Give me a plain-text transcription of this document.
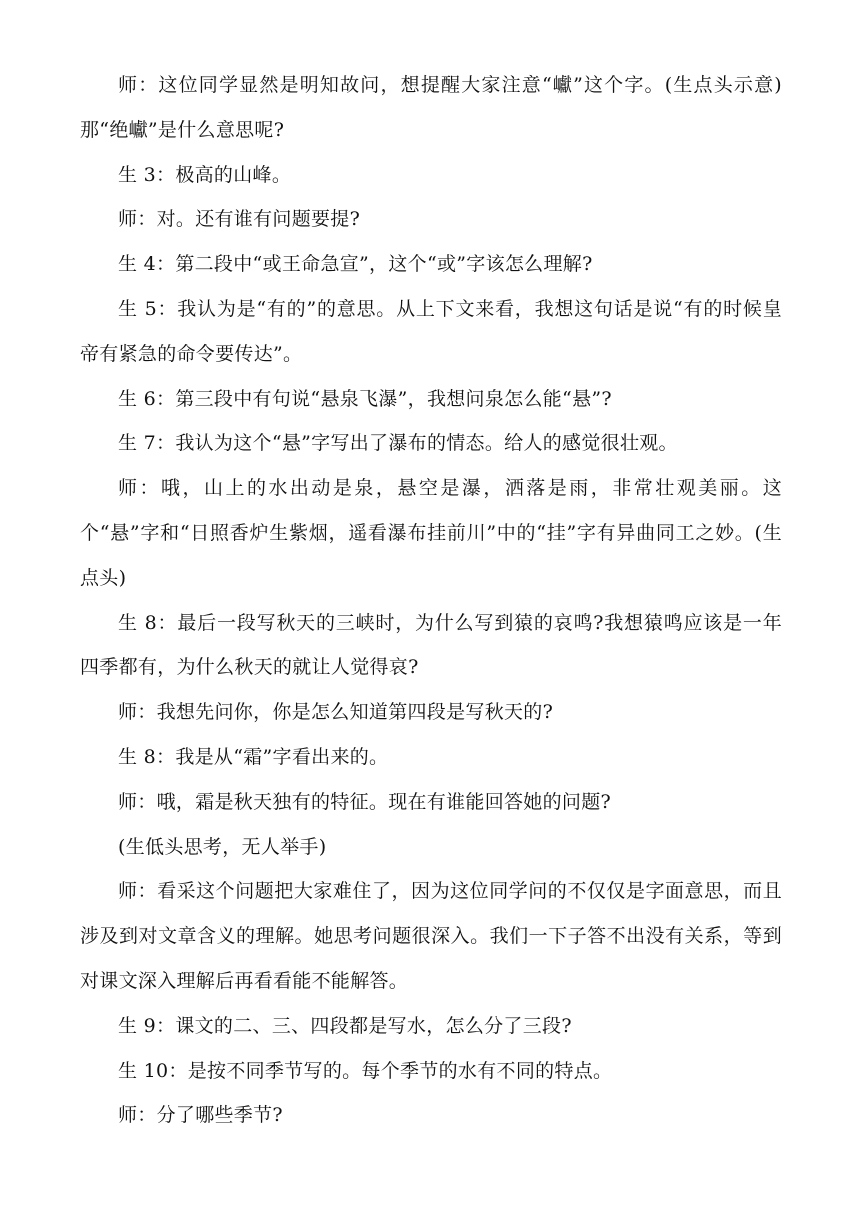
师：这位同学显然是明知故问，想提醒大家注意“巘”这个字。(生点头示意)那“绝巘”是什么意思呢?

生 3：极高的山峰。

师：对。还有谁有问题要提?

生 4：第二段中“或王命急宣”，这个“或”字该怎么理解?

生 5：我认为是“有的”的意思。从上下文来看，我想这句话是说“有的时候皇帝有紧急的命令要传达”。

生 6：第三段中有句说“悬泉飞瀑”，我想问泉怎么能“悬”?

生 7：我认为这个“悬”字写出了瀑布的情态。给人的感觉很壮观。

师：哦，山上的水出动是泉，悬空是瀑，洒落是雨，非常壮观美丽。这个“悬”字和“日照香炉生紫烟，遥看瀑布挂前川”中的“挂”字有异曲同工之妙。(生点头)

生 8：最后一段写秋天的三峡时，为什么写到猿的哀鸣?我想猿鸣应该是一年四季都有，为什么秋天的就让人觉得哀?

师：我想先问你，你是怎么知道第四段是写秋天的?

生 8：我是从“霜”字看出来的。

师：哦，霜是秋天独有的特征。现在有谁能回答她的问题?

(生低头思考，无人举手)

师：看采这个问题把大家难住了，因为这位同学问的不仅仅是字面意思，而且涉及到对文章含义的理解。她思考问题很深入。我们一下子答不出没有关系，等到对课文深入理解后再看看能不能解答。

生 9：课文的二、三、四段都是写水，怎么分了三段?

生 10：是按不同季节写的。每个季节的水有不同的特点。

师：分了哪些季节?
